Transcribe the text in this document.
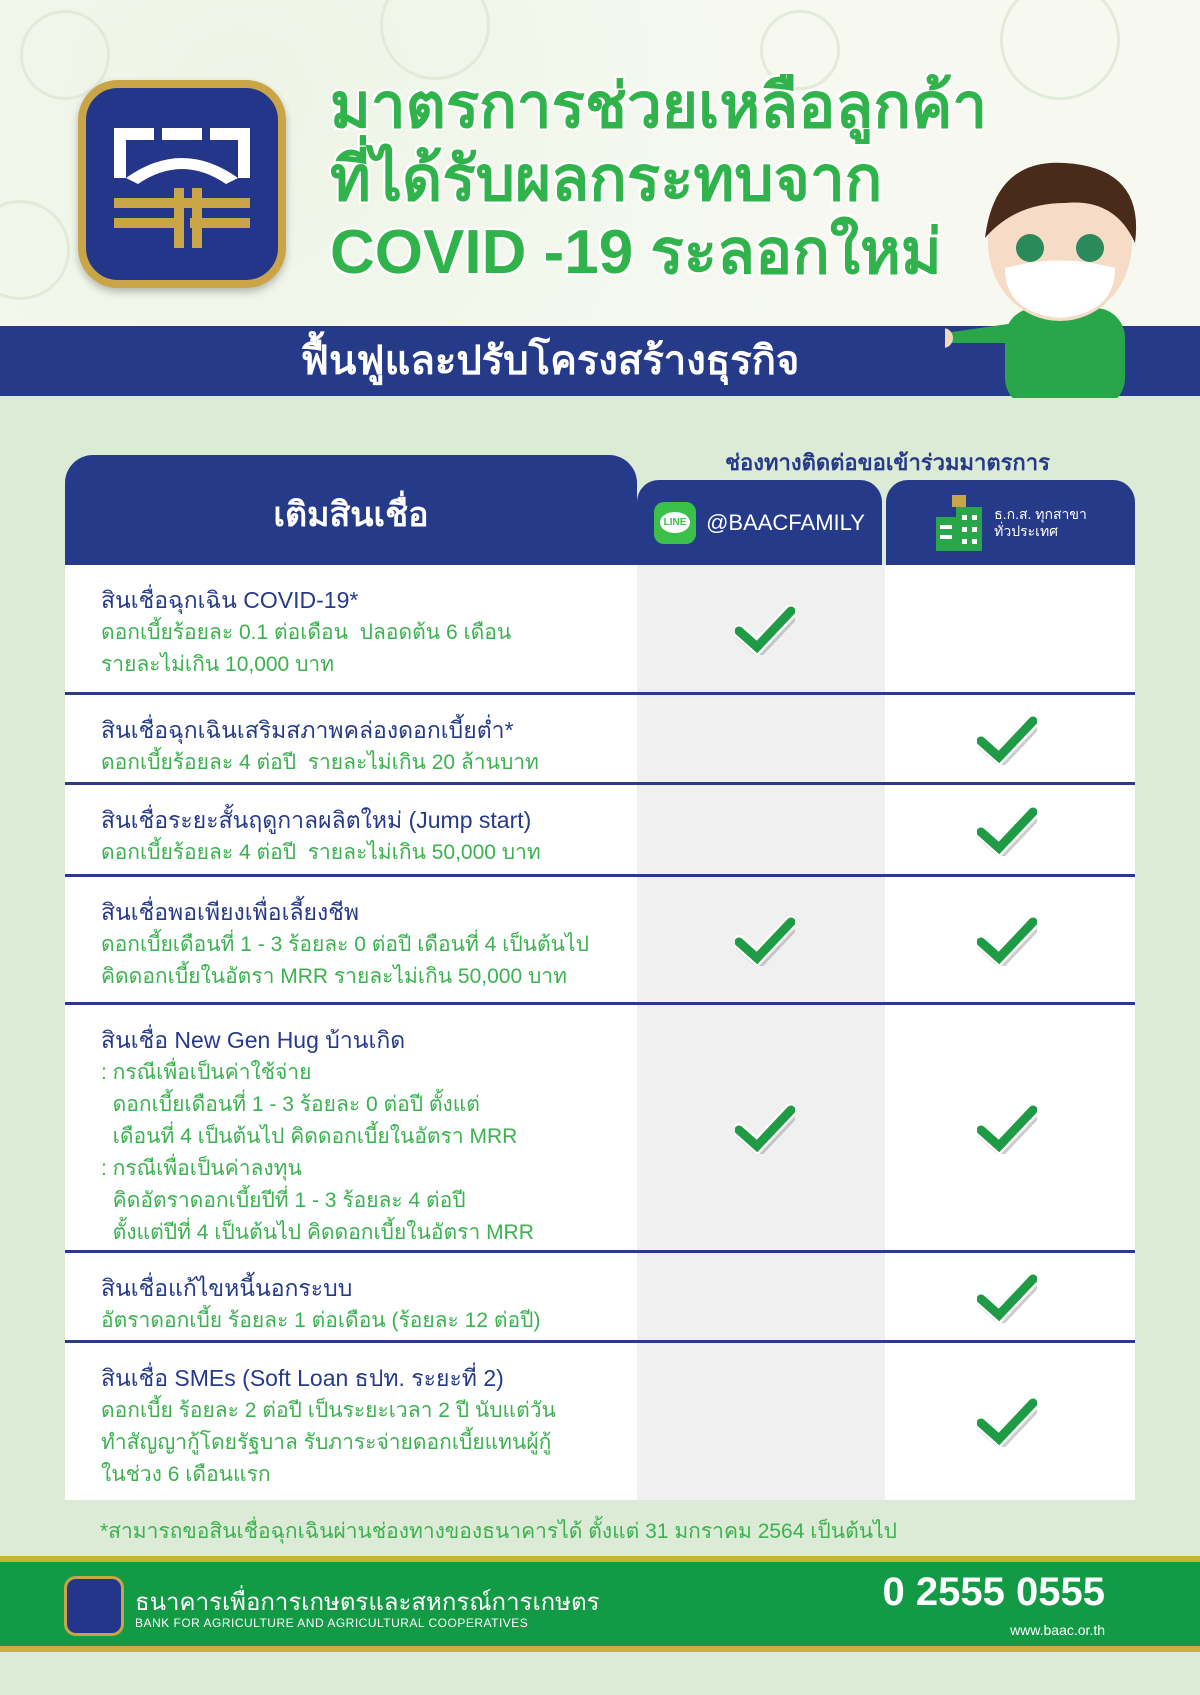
มาตรการช่วยเหลือลูกค้า
ที่ได้รับผลกระทบจาก
COVID -19 ระลอกใหม่
ฟื้นฟูและปรับโครงสร้างธุรกิจ
ช่องทางติดต่อขอเข้าร่วมมาตรการ
เติมสินเชื่อ	LINE @BAACFAMILY	ธ.ก.ส. ทุกสาขา
ทั่วประเทศ
สินเชื่อฉุกเฉิน COVID-19*
ดอกเบี้ยร้อยละ 0.1 ต่อเดือน  ปลอดต้น 6 เดือน
รายละไม่เกิน 10,000 บาท
สินเชื่อฉุกเฉินเสริมสภาพคล่องดอกเบี้ยต่ำ*
ดอกเบี้ยร้อยละ 4 ต่อปี  รายละไม่เกิน 20 ล้านบาท
สินเชื่อระยะสั้นฤดูกาลผลิตใหม่ (Jump start)
ดอกเบี้ยร้อยละ 4 ต่อปี  รายละไม่เกิน 50,000 บาท
สินเชื่อพอเพียงเพื่อเลี้ยงชีพ
ดอกเบี้ยเดือนที่ 1 - 3 ร้อยละ 0 ต่อปี เดือนที่ 4 เป็นต้นไป
คิดดอกเบี้ยในอัตรา MRR รายละไม่เกิน 50,000 บาท
สินเชื่อ New Gen Hug บ้านเกิด
: กรณีเพื่อเป็นค่าใช้จ่าย
ดอกเบี้ยเดือนที่ 1 - 3 ร้อยละ 0 ต่อปี ตั้งแต่
เดือนที่ 4 เป็นต้นไป คิดดอกเบี้ยในอัตรา MRR
: กรณีเพื่อเป็นค่าลงทุน
คิดอัตราดอกเบี้ยปีที่ 1 - 3 ร้อยละ 4 ต่อปี
ตั้งแต่ปีที่ 4 เป็นต้นไป คิดดอกเบี้ยในอัตรา MRR
สินเชื่อแก้ไขหนี้นอกระบบ
อัตราดอกเบี้ย ร้อยละ 1 ต่อเดือน (ร้อยละ 12 ต่อปี)
สินเชื่อ SMEs (Soft Loan ธปท. ระยะที่ 2)
ดอกเบี้ย ร้อยละ 2 ต่อปี เป็นระยะเวลา 2 ปี นับแต่วัน
ทำสัญญากู้โดยรัฐบาล รับภาระจ่ายดอกเบี้ยแทนผู้กู้
ในช่วง 6 เดือนแรก
*สามารถขอสินเชื่อฉุกเฉินผ่านช่องทางของธนาคารได้ ตั้งแต่ 31 มกราคม 2564 เป็นต้นไป
ธนาคารเพื่อการเกษตรและสหกรณ์การเกษตร
BANK FOR AGRICULTURE AND AGRICULTURAL COOPERATIVES
0 2555 0555
www.baac.or.th
